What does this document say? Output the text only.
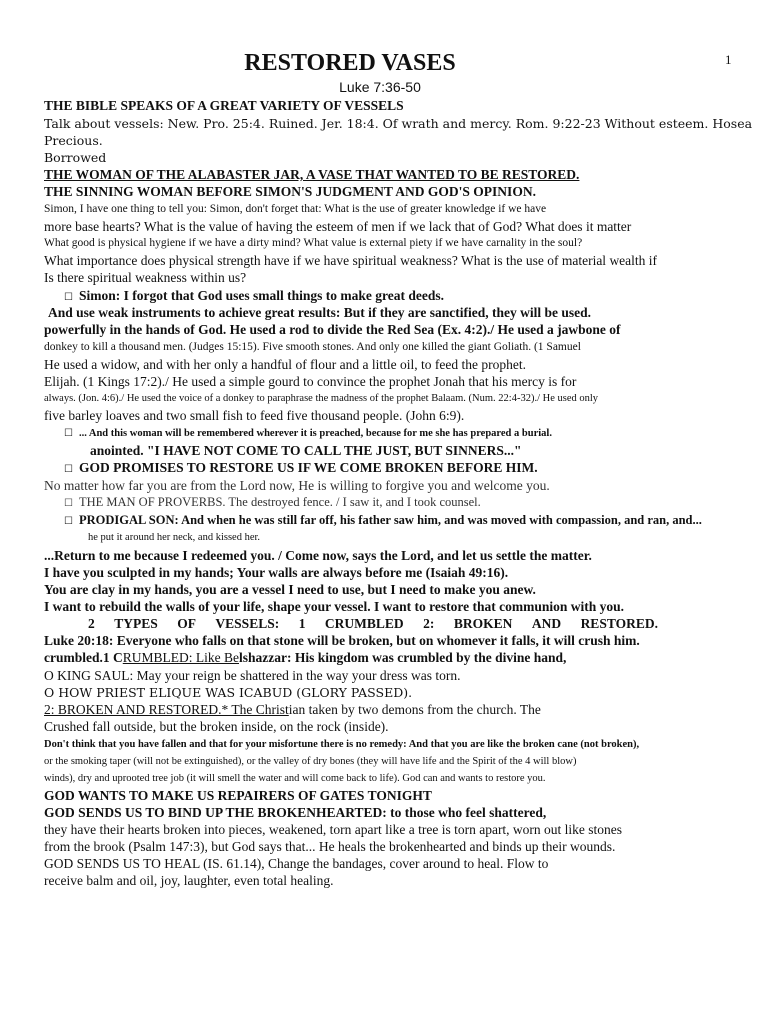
1
RESTORED VASES
Luke 7:36-50
THE BIBLE SPEAKS OF A GREAT VARIETY OF VESSELS
Talk about vessels: New. Pro. 25:4. Ruined. Jer. 18:4. Of wrath and mercy. Rom. 9:22-23 Without esteem. Hosea
Precious.
Borrowed
THE WOMAN OF THE ALABASTER JAR, A VASE THAT WANTED TO BE RESTORED.
THE SINNING WOMAN BEFORE SIMON'S JUDGMENT AND GOD'S OPINION.
Simon, I have one thing to tell you: Simon, don't forget that: What is the use of greater knowledge if we have
more base hearts? What is the value of having the esteem of men if we lack that of God? What does it matter
What good is physical hygiene if we have a dirty mind? What value is external piety if we have carnality in the soul?
What importance does physical strength have if we have spiritual weakness? What is the use of material wealth if
Is there spiritual weakness within us?
☐ Simon: I forgot that God uses small things to make great deeds.
And use weak instruments to achieve great results: But if they are sanctified, they will be used.
powerfully in the hands of God. He used a rod to divide the Red Sea (Ex. 4:2)./ He used a jawbone of
donkey to kill a thousand men. (Judges 15:15). Five smooth stones. And only one killed the giant Goliath. (1 Samuel
He used a widow, and with her only a handful of flour and a little oil, to feed the prophet.
Elijah. (1 Kings 17:2)./ He used a simple gourd to convince the prophet Jonah that his mercy is for
always. (Jon. 4:6)./ He used the voice of a donkey to paraphrase the madness of the prophet Balaam. (Num. 22:4-32)./ He used only
five barley loaves and two small fish to feed five thousand people. (John 6:9).
☐ ... And this woman will be remembered wherever it is preached, because for me she has prepared a burial.
anointed. "I HAVE NOT COME TO CALL THE JUST, BUT SINNERS..."
☐ GOD PROMISES TO RESTORE US IF WE COME BROKEN BEFORE HIM.
No matter how far you are from the Lord now, He is willing to forgive you and welcome you.
☐ THE MAN OF PROVERBS. The destroyed fence. / I saw it, and I took counsel.
☐ PRODIGAL SON: And when he was still far off, his father saw him, and was moved with compassion, and ran, and...
he put it around her neck, and kissed her.
...Return to me because I redeemed you. / Come now, says the Lord, and let us settle the matter.
I have you sculpted in my hands; Your walls are always before me (Isaiah 49:16).
You are clay in my hands, you are a vessel I need to use, but I need to make you anew.
I want to rebuild the walls of your life, shape your vessel. I want to restore that communion with you.
2 TYPES OF VESSELS: 1 CRUMBLED 2: BROKEN AND RESTORED.
Luke 20:18: Everyone who falls on that stone will be broken, but on whomever it falls, it will crush him.
crumbled.1 CRUMBLED: Like Belshazzar: His kingdom was crumbled by the divine hand,
O KING SAUL: May your reign be shattered in the way your dress was torn.
O HOW PRIEST ELIQUE WAS ICABUD (GLORY PASSED).
2: BROKEN AND RESTORED.* The Christian taken by two demons from the church. The
Crushed fall outside, but the broken inside, on the rock (inside).
Don't think that you have fallen and that for your misfortune there is no remedy: And that you are like the broken cane (not broken),
or the smoking taper (will not be extinguished), or the valley of dry bones (they will have life and the Spirit of the 4 will blow)
winds), dry and uprooted tree job (it will smell the water and will come back to life). God can and wants to restore you.
GOD WANTS TO MAKE US REPAIRERS OF GATES TONIGHT
GOD SENDS US TO BIND UP THE BROKENHEARTED: to those who feel shattered,
they have their hearts broken into pieces, weakened, torn apart like a tree is torn apart, worn out like stones
from the brook (Psalm 147:3), but God says that... He heals the brokenhearted and binds up their wounds.
GOD SENDS US TO HEAL (IS. 61.14), Change the bandages, cover around to heal. Flow to
receive balm and oil, joy, laughter, even total healing.
